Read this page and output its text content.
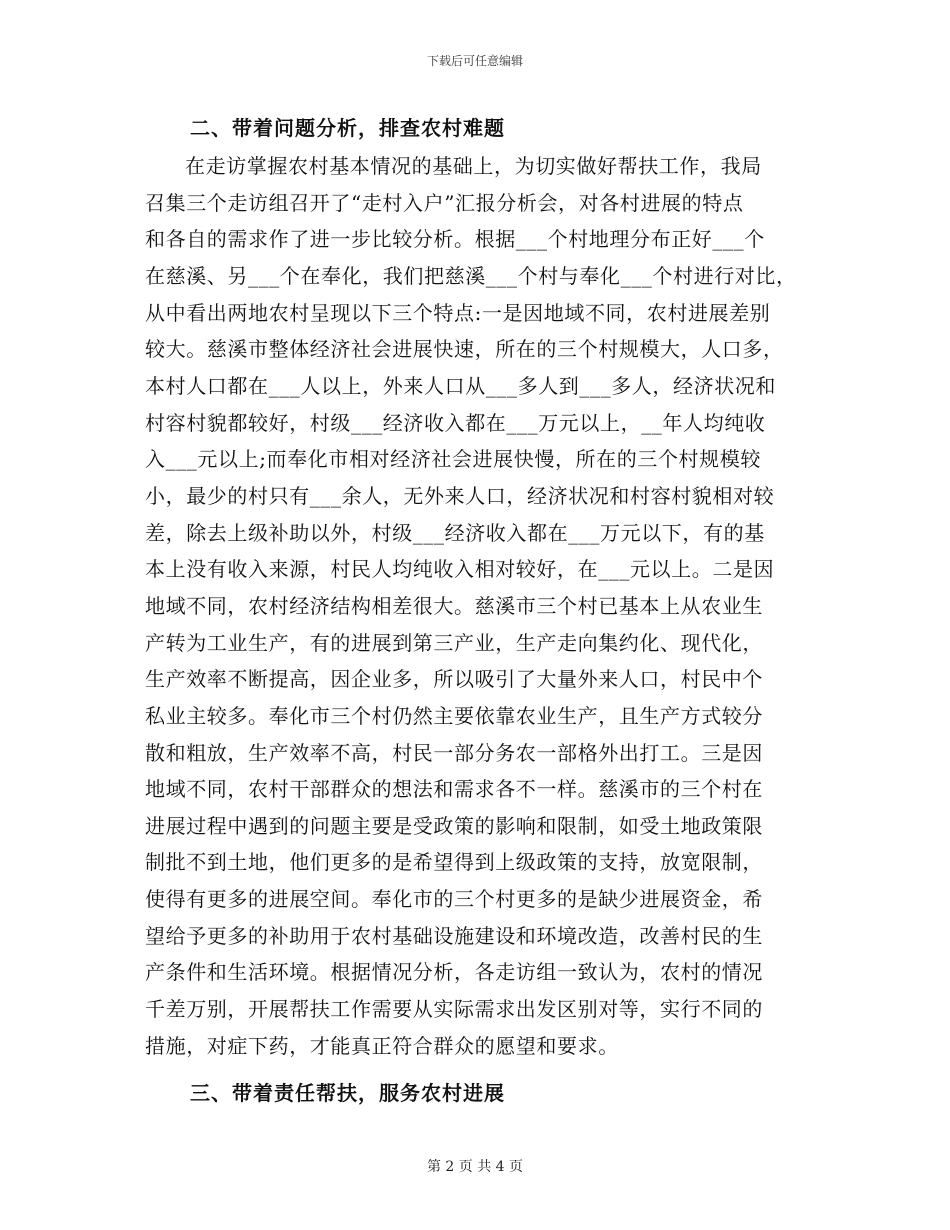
下载后可任意编辑
二、带着问题分析，排查农村难题
在走访掌握农村基本情况的基础上，为切实做好帮扶工作，我局
召集三个走访组召开了“走村入户”汇报分析会，对各村进展的特点
和各自的需求作了进一步比较分析。根据___个村地理分布正好___个
在慈溪、另___个在奉化，我们把慈溪___个村与奉化___个村进行对比，
从中看出两地农村呈现以下三个特点:一是因地域不同，农村进展差别
较大。慈溪市整体经济社会进展快速，所在的三个村规模大，人口多，
本村人口都在___人以上，外来人口从___多人到___多人，经济状况和
村容村貌都较好，村级___经济收入都在___万元以上，__年人均纯收
入___元以上;而奉化市相对经济社会进展快慢，所在的三个村规模较
小，最少的村只有___余人，无外来人口，经济状况和村容村貌相对较
差，除去上级补助以外，村级___经济收入都在___万元以下，有的基
本上没有收入来源，村民人均纯收入相对较好，在___元以上。二是因
地域不同，农村经济结构相差很大。慈溪市三个村已基本上从农业生
产转为工业生产，有的进展到第三产业，生产走向集约化、现代化，
生产效率不断提高，因企业多，所以吸引了大量外来人口，村民中个
私业主较多。奉化市三个村仍然主要依靠农业生产，且生产方式较分
散和粗放，生产效率不高，村民一部分务农一部格外出打工。三是因
地域不同，农村干部群众的想法和需求各不一样。慈溪市的三个村在
进展过程中遇到的问题主要是受政策的影响和限制，如受土地政策限
制批不到土地，他们更多的是希望得到上级政策的支持，放宽限制，
使得有更多的进展空间。奉化市的三个村更多的是缺少进展资金，希
望给予更多的补助用于农村基础设施建设和环境改造，改善村民的生
产条件和生活环境。根据情况分析，各走访组一致认为，农村的情况
千差万别，开展帮扶工作需要从实际需求出发区别对等，实行不同的
措施，对症下药，才能真正符合群众的愿望和要求。
三、带着责任帮扶，服务农村进展
第 2 页 共 4 页
